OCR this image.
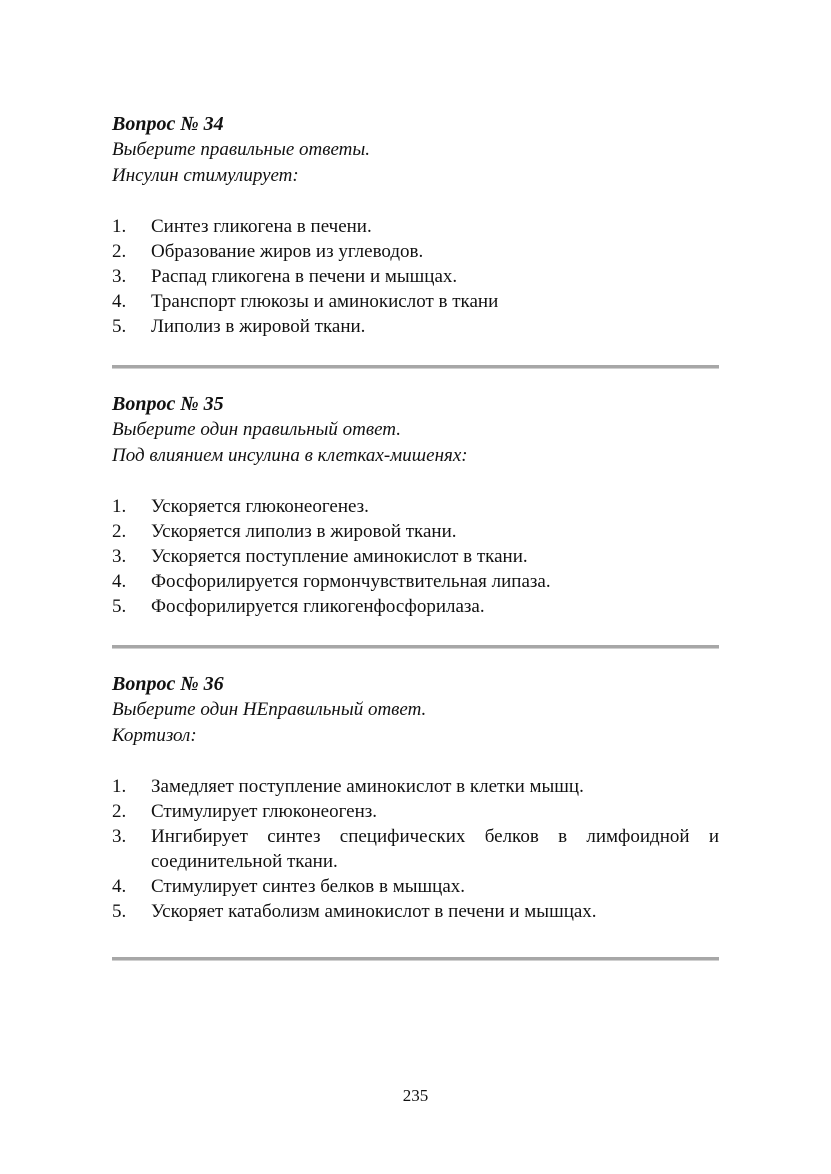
Вопрос № 34
Выберите правильные ответы.
Инсулин стимулирует:
1.	Синтез гликогена в печени.
2.	Образование жиров из углеводов.
3.	Распад гликогена в печени и мышцах.
4.	Транспорт глюкозы и аминокислот в ткани
5.	Липолиз в жировой ткани.
Вопрос № 35
Выберите один правильный ответ.
Под влиянием инсулина в клетках-мишенях:
1.	Ускоряется глюконеогенез.
2.	Ускоряется липолиз в жировой ткани.
3.	Ускоряется поступление аминокислот в ткани.
4.	Фосфорилируется гормончувствительная липаза.
5.	Фосфорилируется гликогенфосфорилаза.
Вопрос № 36
Выберите один НЕправильный ответ.
Кортизол:
1.	Замедляет поступление аминокислот в клетки мышц.
2.	Стимулирует глюконеогенз.
3.	Ингибирует синтез специфических белков в лимфоидной и соединительной ткани.
4.	Стимулирует синтез белков в мышцах.
5.	Ускоряет катаболизм аминокислот в печени и мышцах.
235
